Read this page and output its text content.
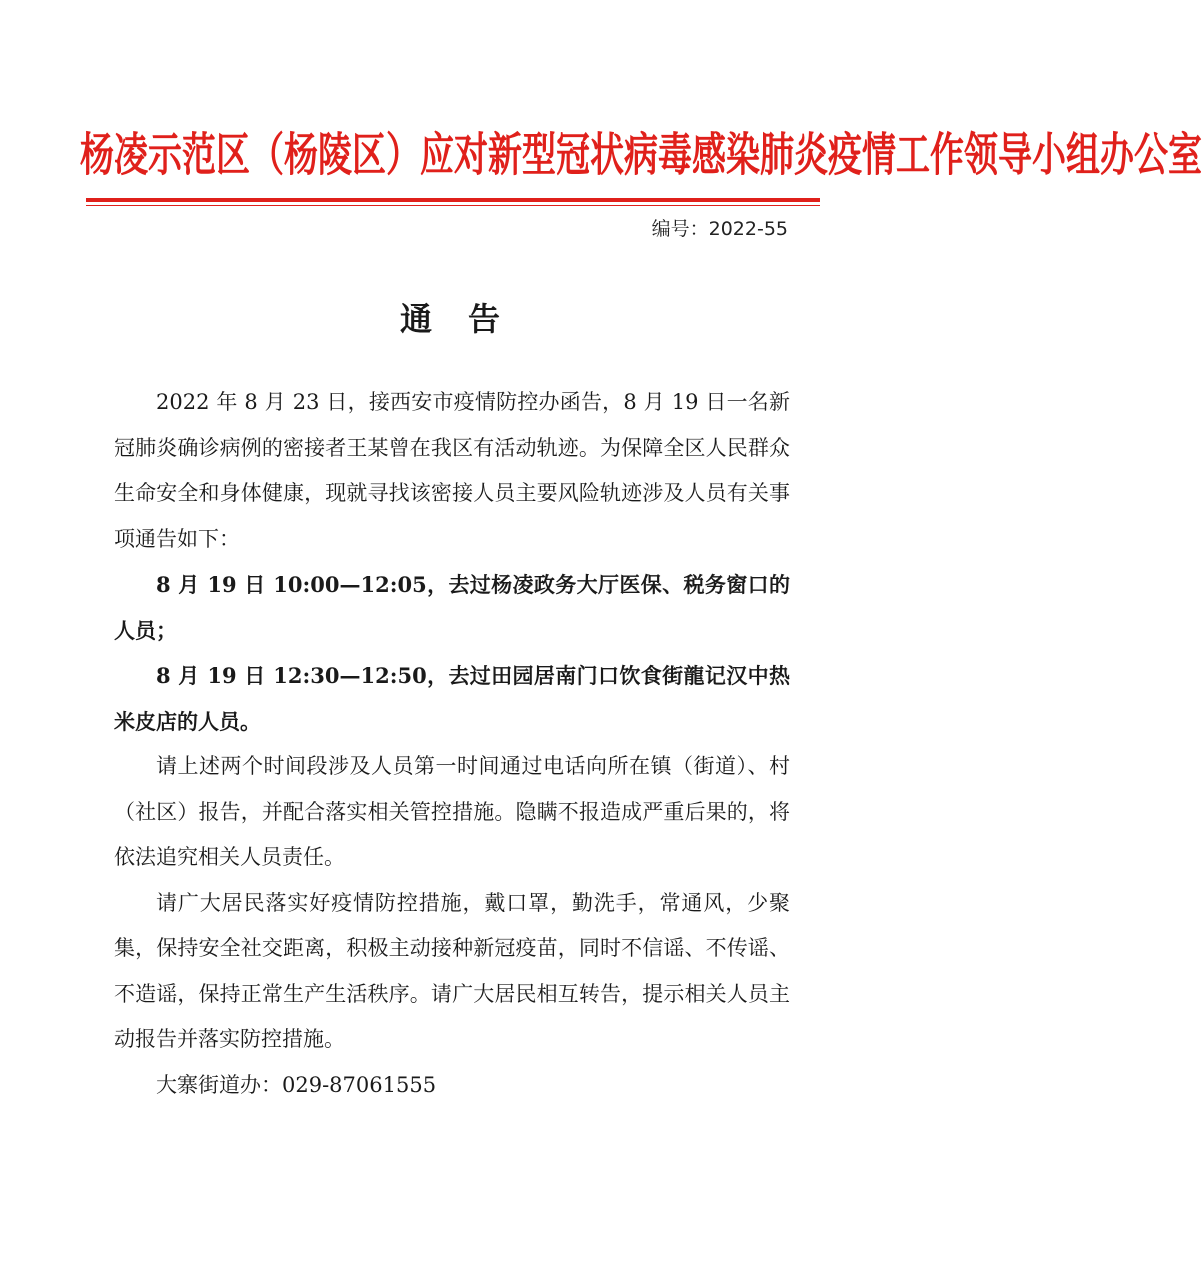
杨凌示范区（杨陵区）应对新型冠状病毒感染肺炎疫情工作领导小组办公室
编号：2022-55
通告

2022 年 8 月 23 日，接西安市疫情防控办函告，8 月 19 日一名新冠肺炎确诊病例的密接者王某曾在我区有活动轨迹。为保障全区人民群众生命安全和身体健康，现就寻找该密接人员主要风险轨迹涉及人员有关事项通告如下：

8 月 19 日 10:00—12:05，去过杨凌政务大厅医保、税务窗口的人员；

8 月 19 日 12:30—12:50，去过田园居南门口饮食街龍记汉中热米皮店的人员。

请上述两个时间段涉及人员第一时间通过电话向所在镇（街道）、村（社区）报告，并配合落实相关管控措施。隐瞒不报造成严重后果的，将依法追究相关人员责任。

请广大居民落实好疫情防控措施，戴口罩，勤洗手，常通风，少聚集，保持安全社交距离，积极主动接种新冠疫苗，同时不信谣、不传谣、不造谣，保持正常生产生活秩序。请广大居民相互转告，提示相关人员主动报告并落实防控措施。

大寨街道办：029-87061555
